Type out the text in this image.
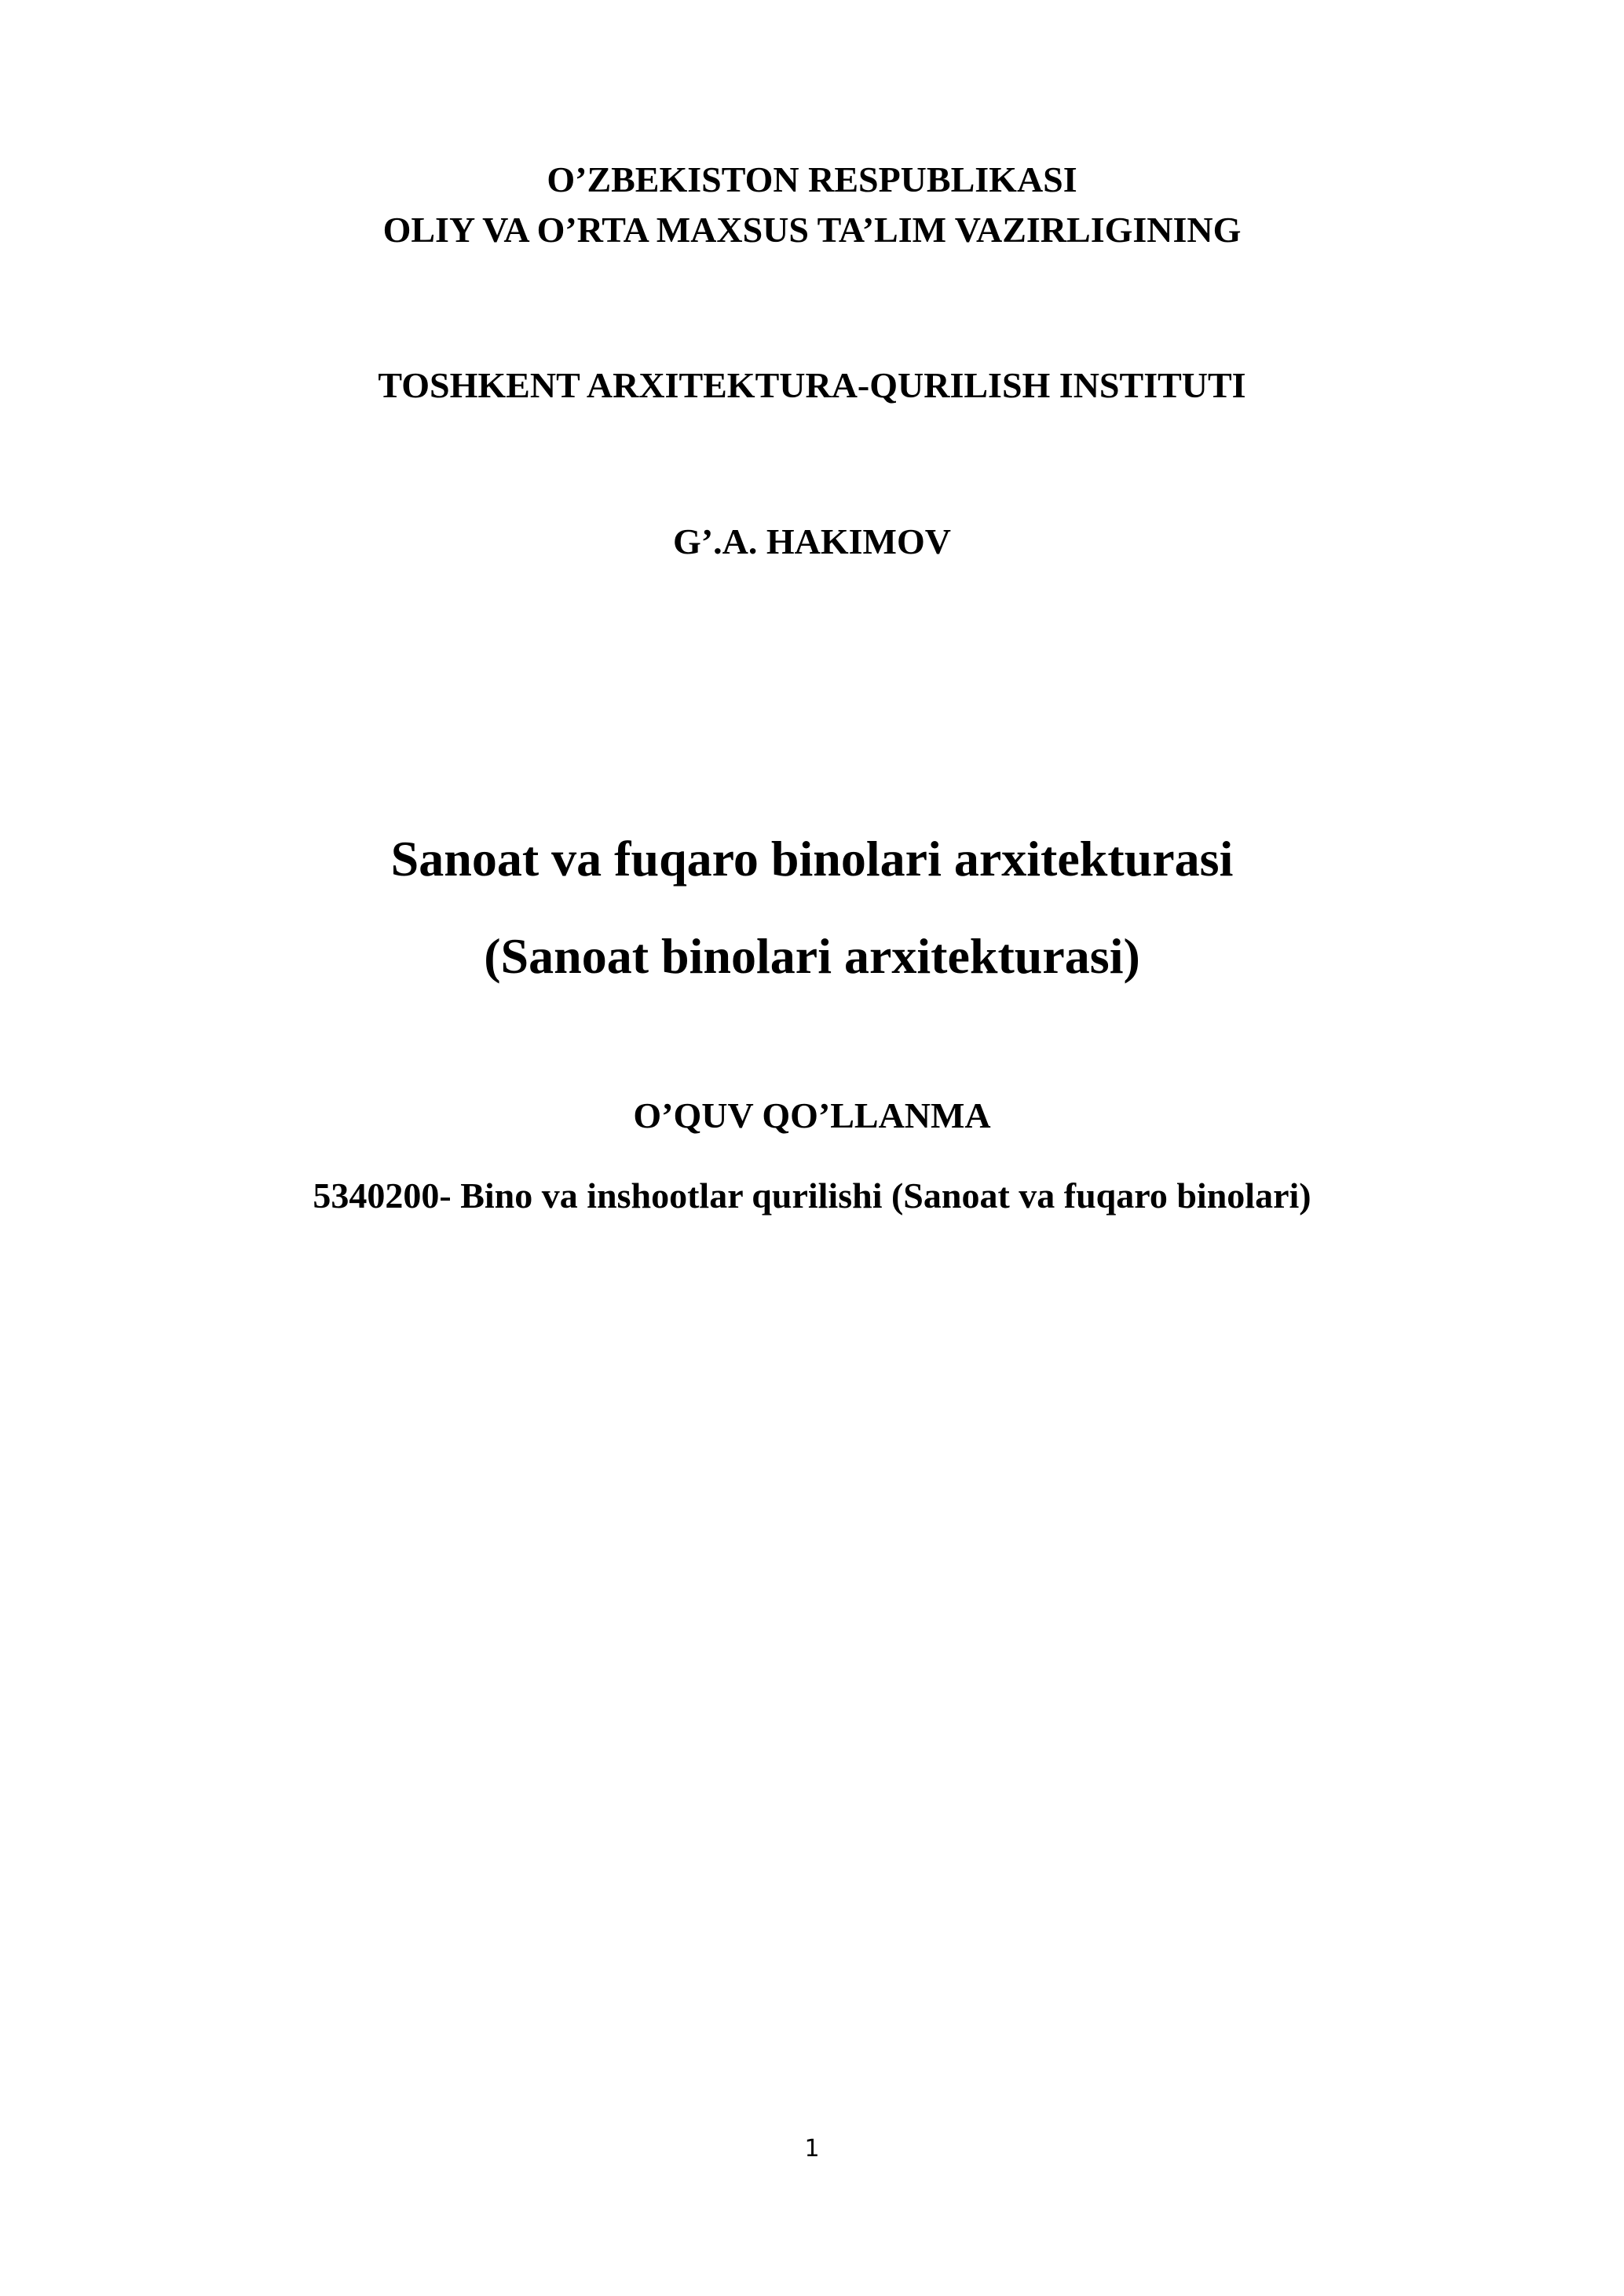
O’ZBEKISTON RESPUBLIKASI
OLIY VA O’RTA MAXSUS TA’LIM VAZIRLIGINING
TOSHKENT ARXITEKTURA-QURILISH INSTITUTI
G’.A. HAKIMOV
Sanoat va fuqaro binolari arxitekturasi
(Sanoat binolari arxitekturasi)
O’QUV QO’LLANMA
5340200- Bino va inshootlar qurilishi (Sanoat va fuqaro binolari)
1
